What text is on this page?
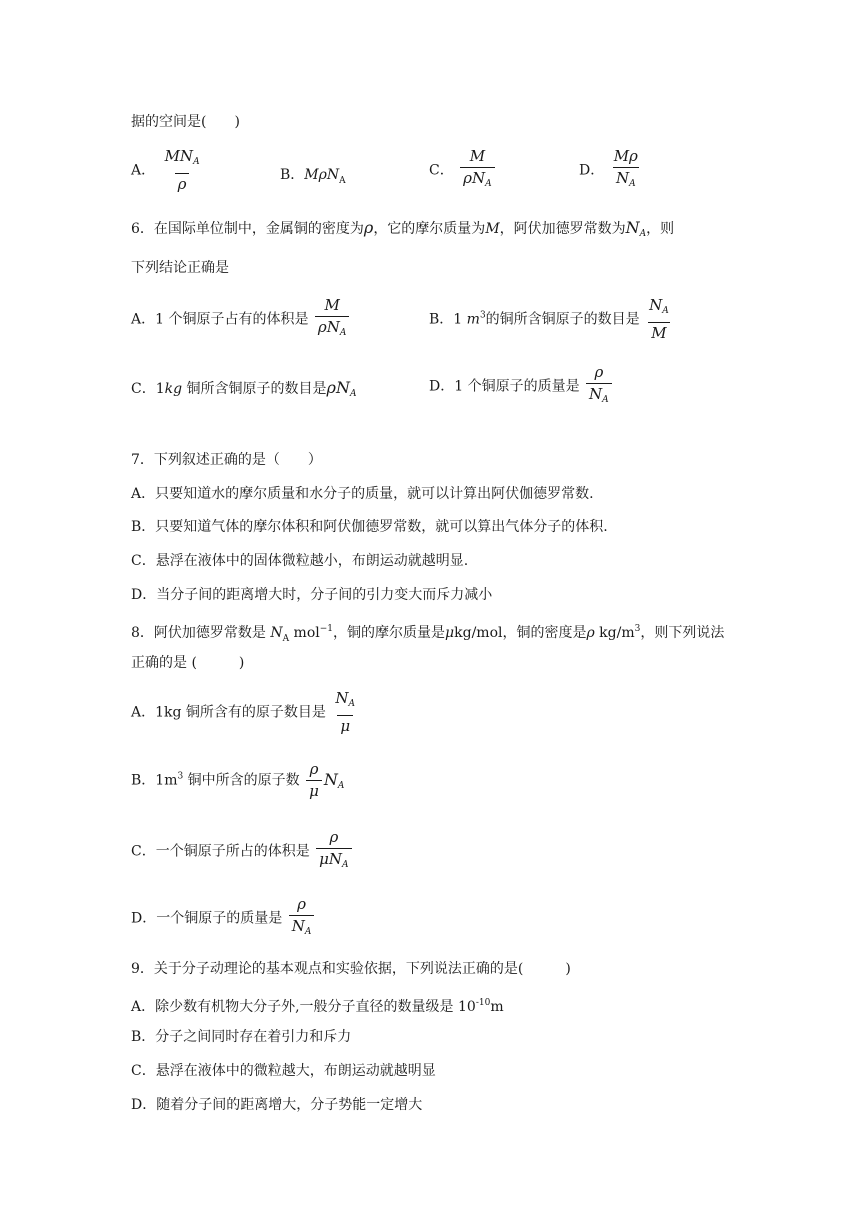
据的空间是(　　)
A． $\frac{MN_A}{\rho}$	B．MρN$_A$
C． $\frac{M}{\rho N_A}$	D． $\frac{M\rho}{N_A}$
6．在国际单位制中，金属铜的密度为ρ，它的摩尔质量为M，阿伏加德罗常数为$N_A$，则
下列结论正确是
A．1 个铜原子占有的体积是 $\frac{M}{\rho N_A}$	B．1 $m^3$的铜所含铜原子的数目是 $\frac{N_A}{M}$
C．1kg 铜所含铜原子的数目是$\rho N_A$	D．1 个铜原子的质量是 $\frac{\rho}{N_A}$
7．下列叙述正确的是（　　）
A．只要知道水的摩尔质量和水分子的质量，就可以计算出阿伏伽德罗常数.
B．只要知道气体的摩尔体积和阿伏伽德罗常数，就可以算出气体分子的体积.
C．悬浮在液体中的固体微粒越小，布朗运动就越明显.
D．当分子间的距离增大时，分子间的引力变大而斥力减小
8．阿伏加德罗常数是 $N_A$ mol$^{-1}$，铜的摩尔质量是μkg/mol，铜的密度是ρ $kg/m^3$，则下列说法
正确的是 (　　　)
A．1kg 铜所含有的原子数目是 $\frac{N_A}{\mu}$
B．$1m^3$ 铜中所含的原子数 $\frac{\rho}{\mu} N_A$
C．一个铜原子所占的体积是 $\frac{\rho}{\mu N_A}$
D．一个铜原子的质量是 $\frac{\rho}{N_A}$
9．关于分子动理论的基本观点和实验依据，下列说法正确的是(　　　)
A．除少数有机物大分子外,一般分子直径的数量级是 $10^{-10}m$
B．分子之间同时存在着引力和斥力
C．悬浮在液体中的微粒越大，布朗运动就越明显
D．随着分子间的距离增大，分子势能一定增大
